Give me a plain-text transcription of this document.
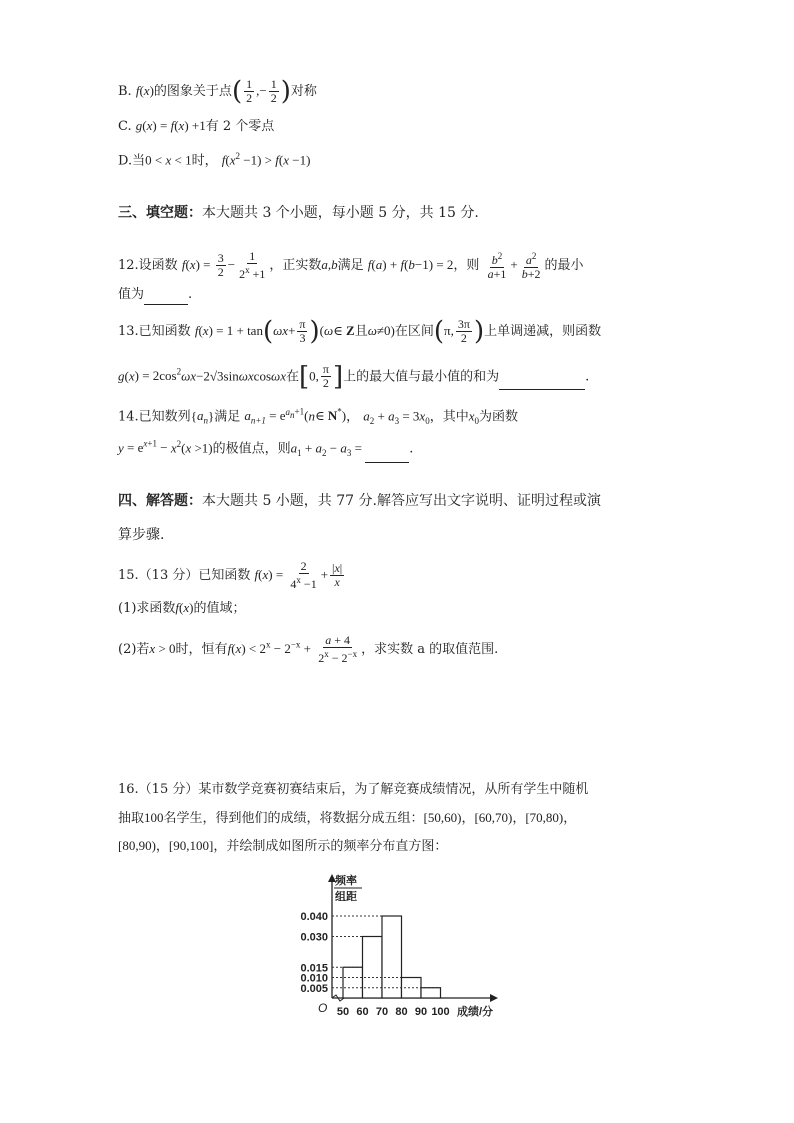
B. f(x)的图象关于点( $\frac{1}{2}$ ,− $\frac{1}{2}$ )对称
C. g(x) = f(x) +1有 2 个零点
D.当0 < x < 1时， $f(x^2 -1) > f(x -1)$
三、填空题：本大题共 3 个小题，每小题 5 分，共 15 分.
12.设函数 $f(x) = \frac{3}{2} - \frac{1}{2^x +1}$ ，正实数a,b满足 f(a) + f(b−1) = 2，则 $\frac{b^2}{a+1} + \frac{a^2}{b+2}$ 的最小
值为	.
13.已知函数 $f(x) = 1 + \tan(\omega x+ \frac{\pi}{3}$ )(ω∈ Z且ω≠0)在区间(π, $\frac{3\pi}{2}$ )上单调递减，则函数
$g(x) = 2\cos^2\omega x-2√3\sin\omega xcos\omega x$在[0, $\frac{\pi}{2}$ ]上的最大值与最小值的和为	.
14.已知数列$\{a_n\}$满足 $a_{n+1}$ = $e^{a_n+1}(n\in$ N*)， $a_2 + a_3 = 3x_0$，其中$x_0$为函数
$y = e^{x+1} - x^2(x >1)$的极值点，则$a_1 + a_2 - a_3$ =	.
四、解答题：本大题共 5 小题，共 77 分.解答应写出文字说明、证明过程或演
算步骤.
15.（13 分）已知函数 $f(x) = \frac{2}{4^x -1} + \frac{|x|}{x}$
(1)求函数f(x)的值域；
(2)若x > 0时，恒有$f(x) < 2^x - 2^{-x} + \frac{a + 4}{2^x - 2^{-x}}$ ，求实数 a 的取值范围.
16.（15 分）某市数学竞赛初赛结束后，为了解竞赛成绩情况，从所有学生中随机
抽取100名学生，得到他们的成绩，将数据分成五组：[50,60)，[60,70)，[70,80)，
[80,90)，[90,100]，并绘制成如图所示的频率分布直方图：
0.040
0.030
0.015
0.010
0.005
50 60 70 80 90 100 成绩/分
O
频率
组距
